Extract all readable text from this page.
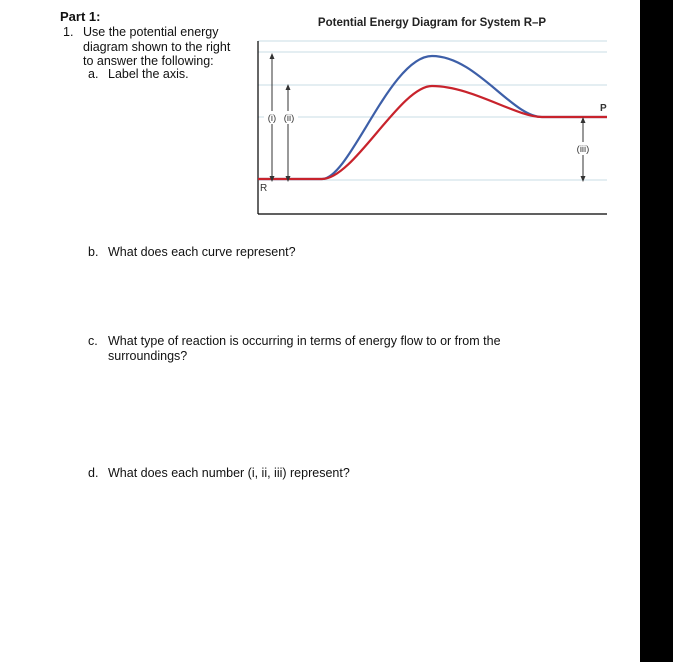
Part 1:
1. Use the potential energy diagram shown to the right to answer the following:
a. Label the axis.
b. What does each curve represent?
c. What type of reaction is occurring in terms of energy flow to or from the surroundings?
d. What does each number (i, ii, iii) represent?
Potential Energy Diagram for System R–P
(i) (ii)
(iii)
R
P
